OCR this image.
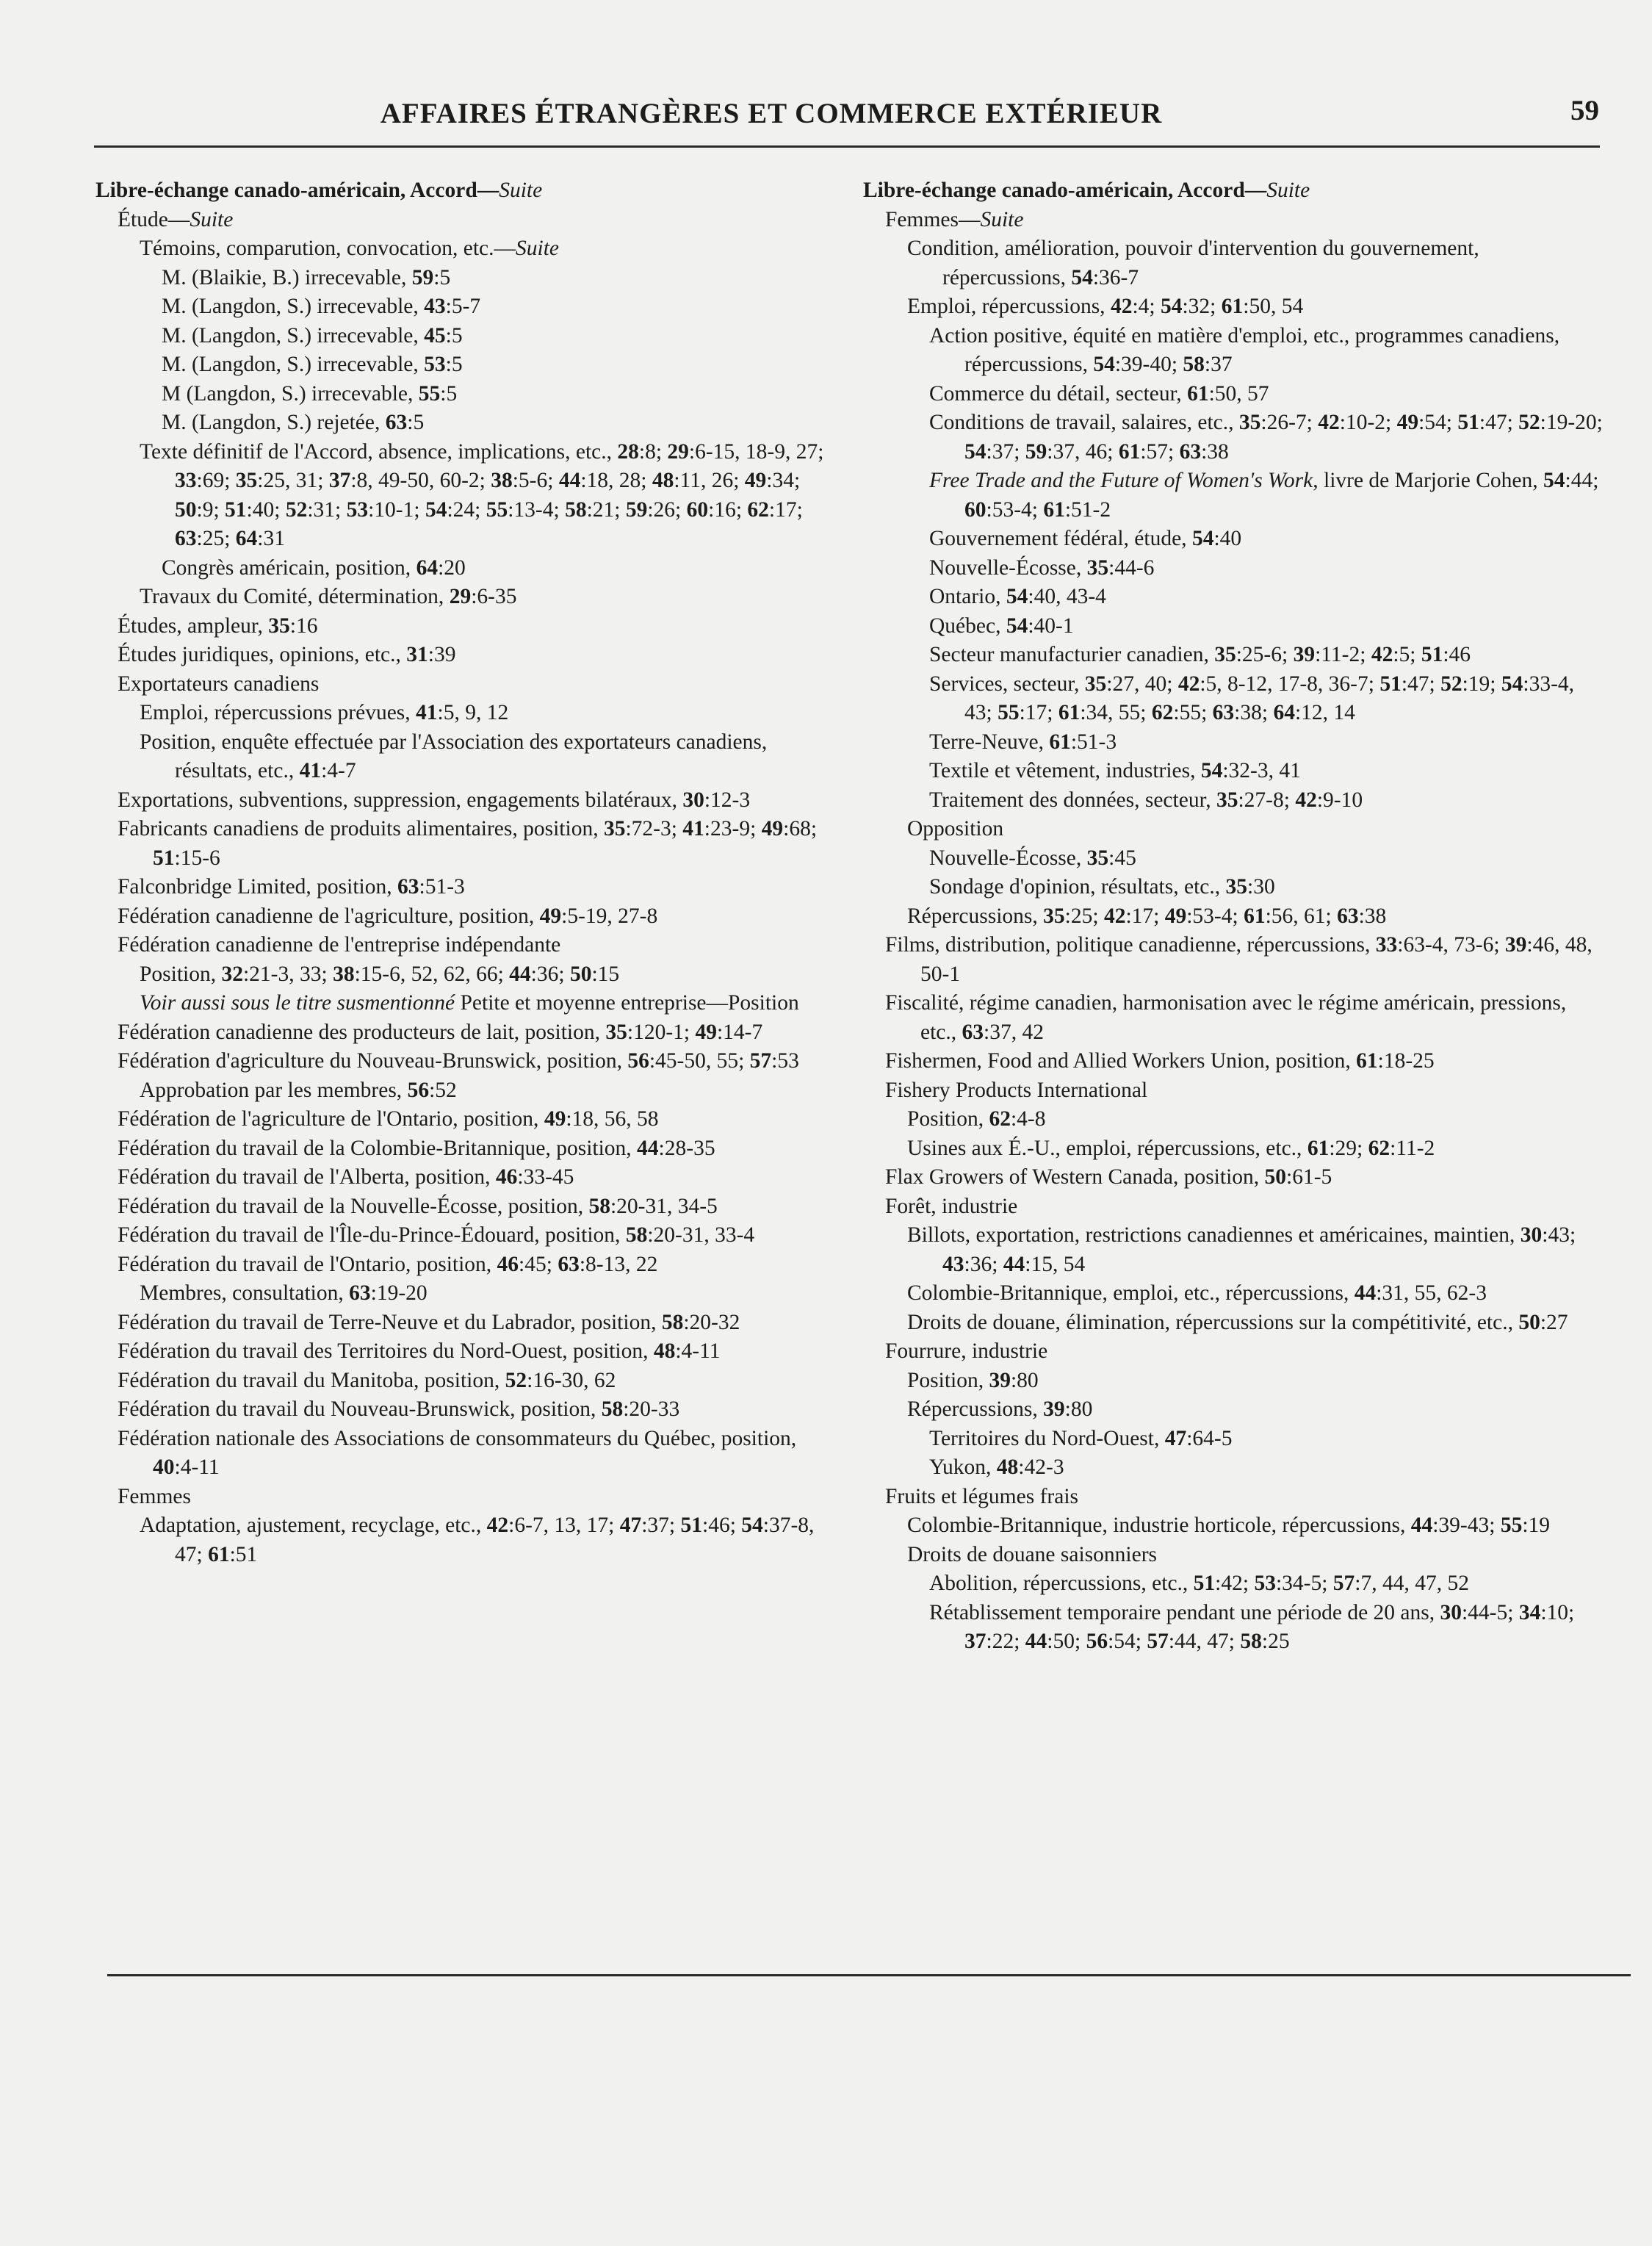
AFFAIRES ÉTRANGÈRES ET COMMERCE EXTÉRIEUR	59
Libre-échange canado-américain, Accord—Suite
Étude—Suite
Témoins, comparution, convocation, etc.—Suite
M. (Blaikie, B.) irrecevable, 59:5
M. (Langdon, S.) irrecevable, 43:5-7
M. (Langdon, S.) irrecevable, 45:5
M. (Langdon, S.) irrecevable, 53:5
M (Langdon, S.) irrecevable, 55:5
M. (Langdon, S.) rejetée, 63:5
Texte définitif de l'Accord, absence, implications, etc., 28:8; 29:6-15, 18-9, 27; 33:69; 35:25, 31; 37:8, 49-50, 60-2; 38:5-6; 44:18, 28; 48:11, 26; 49:34; 50:9; 51:40; 52:31; 53:10-1; 54:24; 55:13-4; 58:21; 59:26; 60:16; 62:17; 63:25; 64:31
Congrès américain, position, 64:20
Travaux du Comité, détermination, 29:6-35
Études, ampleur, 35:16
Études juridiques, opinions, etc., 31:39
Exportateurs canadiens
Emploi, répercussions prévues, 41:5, 9, 12
Position, enquête effectuée par l'Association des exportateurs canadiens, résultats, etc., 41:4-7
Exportations, subventions, suppression, engagements bilatéraux, 30:12-3
Fabricants canadiens de produits alimentaires, position, 35:72-3; 41:23-9; 49:68; 51:15-6
Falconbridge Limited, position, 63:51-3
Fédération canadienne de l'agriculture, position, 49:5-19, 27-8
Fédération canadienne de l'entreprise indépendante
Position, 32:21-3, 33; 38:15-6, 52, 62, 66; 44:36; 50:15
Voir aussi sous le titre susmentionné Petite et moyenne entreprise—Position
Fédération canadienne des producteurs de lait, position, 35:120-1; 49:14-7
Fédération d'agriculture du Nouveau-Brunswick, position, 56:45-50, 55; 57:53
Approbation par les membres, 56:52
Fédération de l'agriculture de l'Ontario, position, 49:18, 56, 58
Fédération du travail de la Colombie-Britannique, position, 44:28-35
Fédération du travail de l'Alberta, position, 46:33-45
Fédération du travail de la Nouvelle-Écosse, position, 58:20-31, 34-5
Fédération du travail de l'Île-du-Prince-Édouard, position, 58:20-31, 33-4
Fédération du travail de l'Ontario, position, 46:45; 63:8-13, 22
Membres, consultation, 63:19-20
Fédération du travail de Terre-Neuve et du Labrador, position, 58:20-32
Fédération du travail des Territoires du Nord-Ouest, position, 48:4-11
Fédération du travail du Manitoba, position, 52:16-30, 62
Fédération du travail du Nouveau-Brunswick, position, 58:20-33
Fédération nationale des Associations de consommateurs du Québec, position, 40:4-11
Femmes
Adaptation, ajustement, recyclage, etc., 42:6-7, 13, 17; 47:37; 51:46; 54:37-8, 47; 61:51
Libre-échange canado-américain, Accord—Suite
Femmes—Suite
Condition, amélioration, pouvoir d'intervention du gouvernement, répercussions, 54:36-7
Emploi, répercussions, 42:4; 54:32; 61:50, 54
Action positive, équité en matière d'emploi, etc., programmes canadiens, répercussions, 54:39-40; 58:37
Commerce du détail, secteur, 61:50, 57
Conditions de travail, salaires, etc., 35:26-7; 42:10-2; 49:54; 51:47; 52:19-20; 54:37; 59:37, 46; 61:57; 63:38
Free Trade and the Future of Women's Work, livre de Marjorie Cohen, 54:44; 60:53-4; 61:51-2
Gouvernement fédéral, étude, 54:40
Nouvelle-Écosse, 35:44-6
Ontario, 54:40, 43-4
Québec, 54:40-1
Secteur manufacturier canadien, 35:25-6; 39:11-2; 42:5; 51:46
Services, secteur, 35:27, 40; 42:5, 8-12, 17-8, 36-7; 51:47; 52:19; 54:33-4, 43; 55:17; 61:34, 55; 62:55; 63:38; 64:12, 14
Terre-Neuve, 61:51-3
Textile et vêtement, industries, 54:32-3, 41
Traitement des données, secteur, 35:27-8; 42:9-10
Opposition
Nouvelle-Écosse, 35:45
Sondage d'opinion, résultats, etc., 35:30
Répercussions, 35:25; 42:17; 49:53-4; 61:56, 61; 63:38
Films, distribution, politique canadienne, répercussions, 33:63-4, 73-6; 39:46, 48, 50-1
Fiscalité, régime canadien, harmonisation avec le régime américain, pressions, etc., 63:37, 42
Fishermen, Food and Allied Workers Union, position, 61:18-25
Fishery Products International
Position, 62:4-8
Usines aux É.-U., emploi, répercussions, etc., 61:29; 62:11-2
Flax Growers of Western Canada, position, 50:61-5
Forêt, industrie
Billots, exportation, restrictions canadiennes et américaines, maintien, 30:43; 43:36; 44:15, 54
Colombie-Britannique, emploi, etc., répercussions, 44:31, 55, 62-3
Droits de douane, élimination, répercussions sur la compétitivité, etc., 50:27
Fourrure, industrie
Position, 39:80
Répercussions, 39:80
Territoires du Nord-Ouest, 47:64-5
Yukon, 48:42-3
Fruits et légumes frais
Colombie-Britannique, industrie horticole, répercussions, 44:39-43; 55:19
Droits de douane saisonniers
Abolition, répercussions, etc., 51:42; 53:34-5; 57:7, 44, 47, 52
Rétablissement temporaire pendant une période de 20 ans, 30:44-5; 34:10; 37:22; 44:50; 56:54; 57:44, 47; 58:25
